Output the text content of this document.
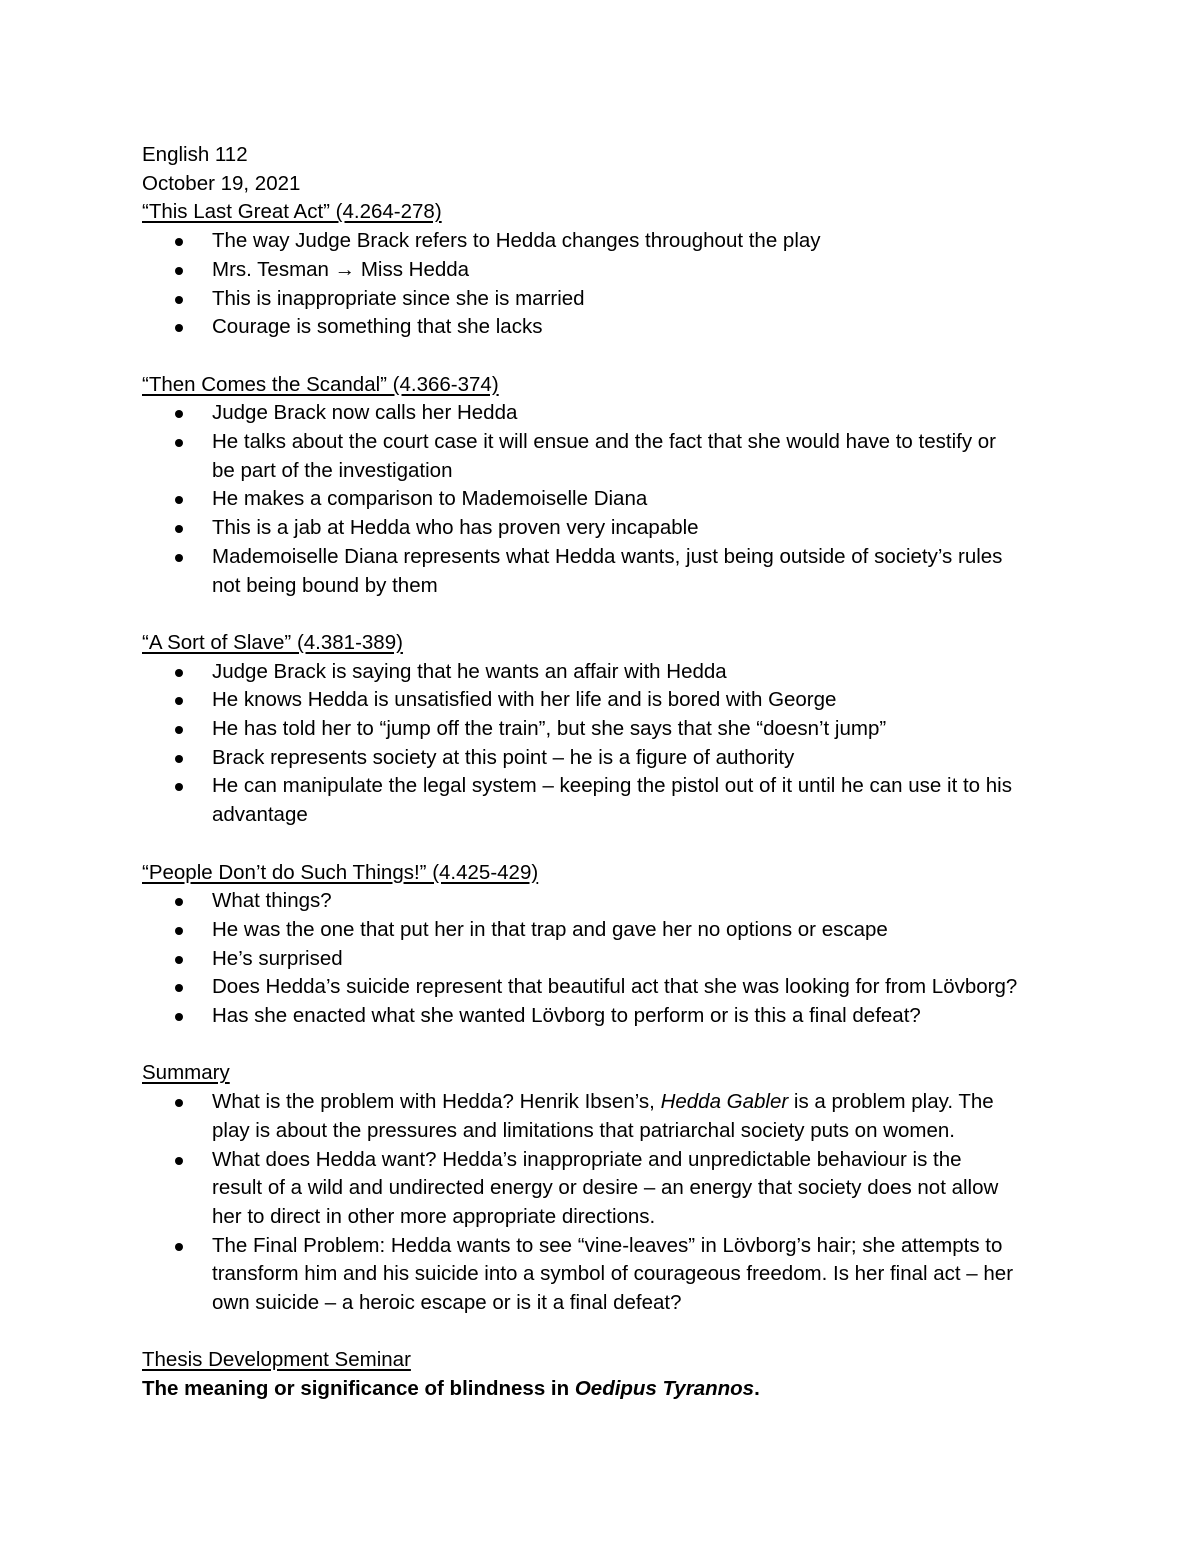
English 112
October 19, 2021
“This Last Great Act” (4.264-278)
The way Judge Brack refers to Hedda changes throughout the play
Mrs. Tesman → Miss Hedda
This is inappropriate since she is married
Courage is something that she lacks
“Then Comes the Scandal” (4.366-374)
Judge Brack now calls her Hedda
He talks about the court case it will ensue and the fact that she would have to testify or
be part of the investigation
He makes a comparison to Mademoiselle Diana
This is a jab at Hedda who has proven very incapable
Mademoiselle Diana represents what Hedda wants, just being outside of society’s rules
not being bound by them
“A Sort of Slave” (4.381-389)
Judge Brack is saying that he wants an affair with Hedda
He knows Hedda is unsatisfied with her life and is bored with George
He has told her to “jump off the train”, but she says that she “doesn’t jump”
Brack represents society at this point – he is a figure of authority
He can manipulate the legal system – keeping the pistol out of it until he can use it to his
advantage
“People Don’t do Such Things!” (4.425-429)
What things?
He was the one that put her in that trap and gave her no options or escape
He’s surprised
Does Hedda’s suicide represent that beautiful act that she was looking for from Lövborg?
Has she enacted what she wanted Lövborg to perform or is this a final defeat?
Summary
What is the problem with Hedda? Henrik Ibsen’s, Hedda Gabler is a problem play. The
play is about the pressures and limitations that patriarchal society puts on women.
What does Hedda want? Hedda’s inappropriate and unpredictable behaviour is the
result of a wild and undirected energy or desire – an energy that society does not allow
her to direct in other more appropriate directions.
The Final Problem: Hedda wants to see “vine-leaves” in Lövborg’s hair; she attempts to
transform him and his suicide into a symbol of courageous freedom. Is her final act – her
own suicide – a heroic escape or is it a final defeat?
Thesis Development Seminar
The meaning or significance of blindness in Oedipus Tyrannos.
